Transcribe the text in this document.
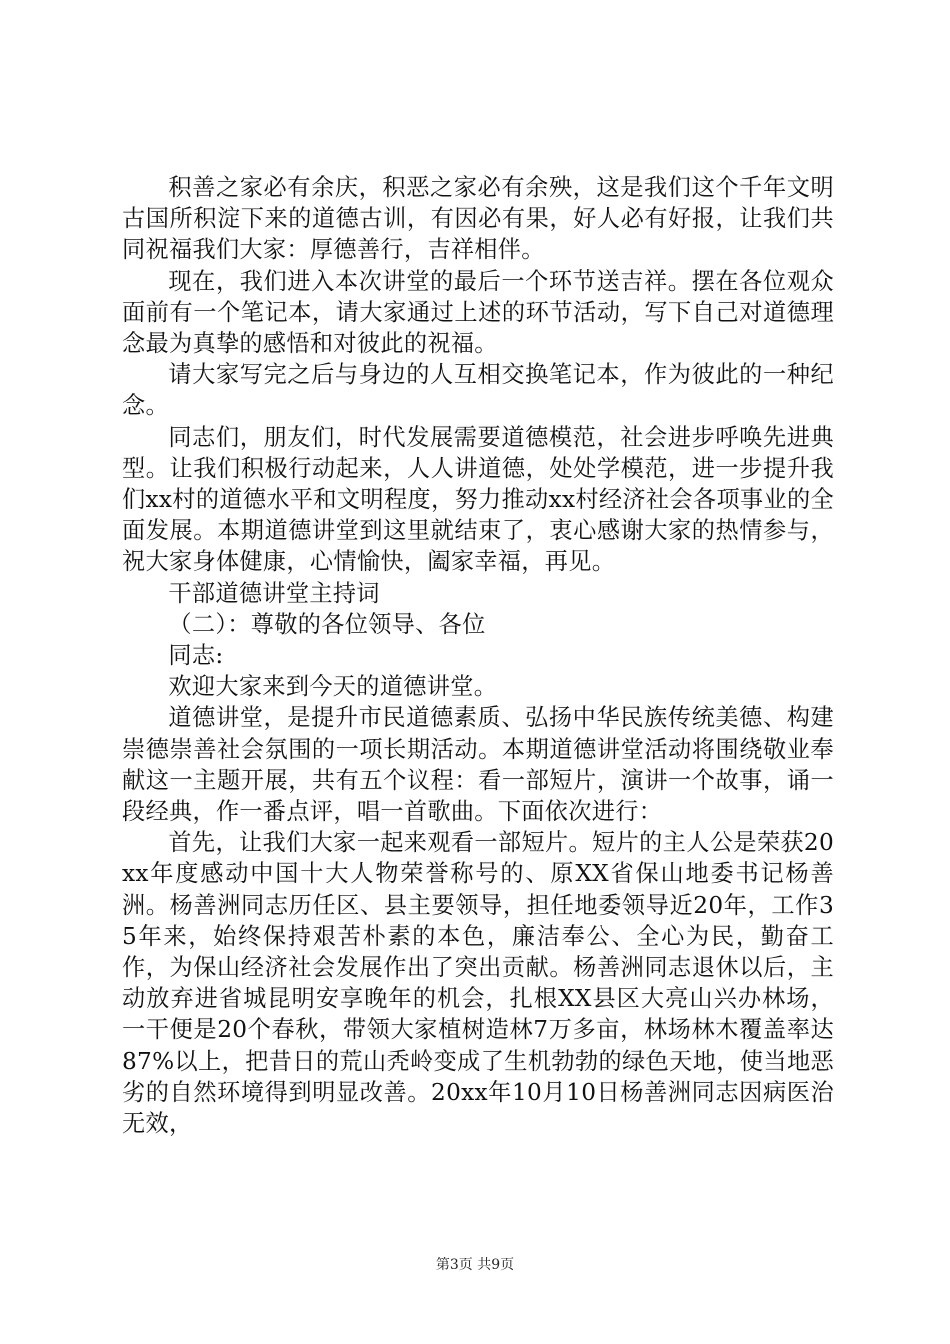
积善之家必有余庆，积恶之家必有余殃，这是我们这个千年文明古国所积淀下来的道德古训，有因必有果，好人必有好报，让我们共同祝福我们大家：厚德善行，吉祥相伴。

现在，我们进入本次讲堂的最后一个环节送吉祥。摆在各位观众面前有一个笔记本，请大家通过上述的环节活动，写下自己对道德理念最为真挚的感悟和对彼此的祝福。

请大家写完之后与身边的人互相交换笔记本，作为彼此的一种纪念。

同志们，朋友们，时代发展需要道德模范，社会进步呼唤先进典型。让我们积极行动起来，人人讲道德，处处学模范，进一步提升我们xx村的道德水平和文明程度，努力推动xx村经济社会各项事业的全面发展。本期道德讲堂到这里就结束了，衷心感谢大家的热情参与，祝大家身体健康，心情愉快，阖家幸福，再见。

干部道德讲堂主持词

（二）：尊敬的各位领导、各位

同志:

欢迎大家来到今天的道德讲堂。

道德讲堂，是提升市民道德素质、弘扬中华民族传统美德、构建崇德崇善社会氛围的一项长期活动。本期道德讲堂活动将围绕敬业奉献这一主题开展，共有五个议程：看一部短片，演讲一个故事，诵一段经典，作一番点评，唱一首歌曲。下面依次进行：

首先，让我们大家一起来观看一部短片。短片的主人公是荣获20xx年度感动中国十大人物荣誉称号的、原XX省保山地委书记杨善洲。杨善洲同志历任区、县主要领导，担任地委领导近20年，工作35年来，始终保持艰苦朴素的本色，廉洁奉公、全心为民，勤奋工作，为保山经济社会发展作出了突出贡献。杨善洲同志退休以后，主动放弃进省城昆明安享晚年的机会，扎根XX县区大亮山兴办林场，一干便是20个春秋，带领大家植树造林7万多亩，林场林木覆盖率达87%以上，把昔日的荒山秃岭变成了生机勃勃的绿色天地，使当地恶劣的自然环境得到明显改善。20xx年10月10日杨善洲同志因病医治无效，

第3页 共9页
